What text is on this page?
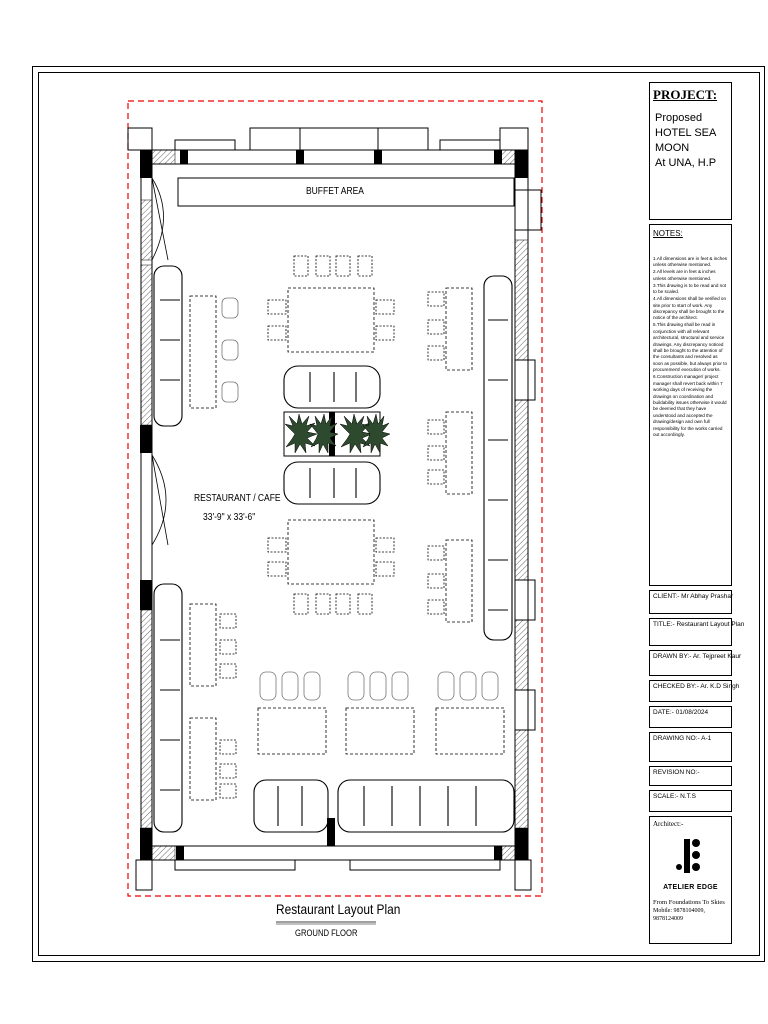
BUFFET AREA
RESTAURANT / CAFE
33'-9" x 33'-6"
Restaurant Layout Plan
GROUND FLOOR
PROJECT:
Proposed
HOTEL SEA MOON
At UNA, H.P
NOTES:
1.All dimensions are in feet & inches unless otherwise mentioned.
2.All levels are in feet & inches unless otherwise mentioned.
3.This drawing is to be read and not to be scaled.
4.All dimensions shall be verified on site prior to start of work. Any discrepancy shall be brought to the notice of the architect.
5.This drawing shall be read in conjunction with all relevant architectural, structural and service drawings. Any discrepancy noticed shall be brought to the attention of the consultants and resolved as soon as possible, but always prior to procurement/ execution of works.
6.Construction manager/ project manager shall revert back within 7 working days of receiving the drawings on coordination and buildability issues otherwise it would be deemed that they have understood and accepted the drawing/design and own full responsibility for the works carried out accordingly.
CLIENT:- Mr Abhay Prashar
TITLE:- Restaurant Layout Plan
DRAWN BY:- Ar. Tejpreet Kaur
CHECKED BY:- Ar. K.D Singh
DATE:- 01/08/2024
DRAWING NO:- A-1
REVISION NO:-
SCALE:- N.T.S
Architect:-
ATELIER EDGE
From Foundations To Skies
Mobile: 9878104009, 9878124009
